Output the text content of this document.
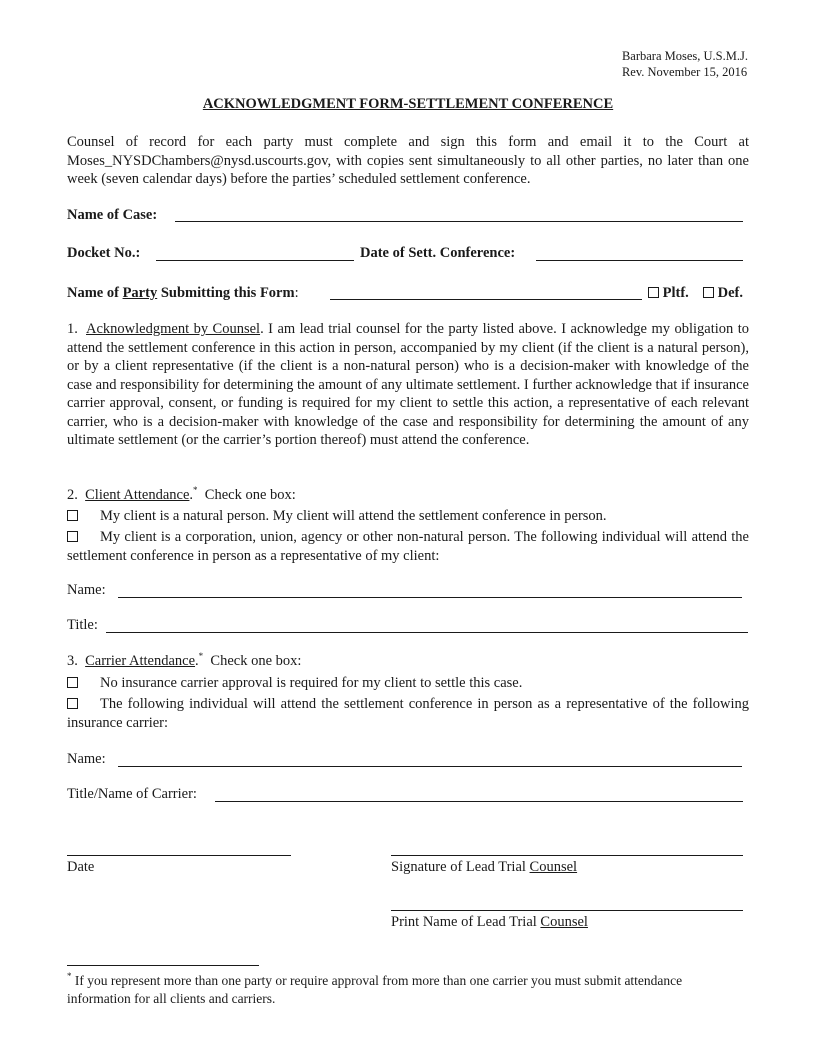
Barbara Moses, U.S.M.J.
Rev. November 15, 2016
ACKNOWLEDGMENT FORM-SETTLEMENT CONFERENCE
Counsel of record for each party must complete and sign this form and email it to the Court at Moses_NYSDChambers@nysd.uscourts.gov, with copies sent simultaneously to all other parties, no later than one week (seven calendar days) before the parties’ scheduled settlement conference.
Name of Case:
Docket No.:	Date of Sett. Conference:
Name of Party Submitting this Form:	Pltf.	Def.
1. Acknowledgment by Counsel. I am lead trial counsel for the party listed above. I acknowledge my obligation to attend the settlement conference in this action in person, accompanied by my client (if the client is a natural person), or by a client representative (if the client is a non-natural person) who is a decision-maker with knowledge of the case and responsibility for determining the amount of any ultimate settlement. I further acknowledge that if insurance carrier approval, consent, or funding is required for my client to settle this action, a representative of each relevant carrier, who is a decision-maker with knowledge of the case and responsibility for determining the amount of any ultimate settlement (or the carrier’s portion thereof) must attend the conference.
2. Client Attendance.* Check one box:
My client is a natural person. My client will attend the settlement conference in person.
My client is a corporation, union, agency or other non-natural person. The following individual will attend the settlement conference in person as a representative of my client:
Name:
Title:
3. Carrier Attendance.* Check one box:
No insurance carrier approval is required for my client to settle this case.
The following individual will attend the settlement conference in person as a representative of the following insurance carrier:
Name:
Title/Name of Carrier:
Date	Signature of Lead Trial Counsel
Print Name of Lead Trial Counsel
* If you represent more than one party or require approval from more than one carrier you must submit attendance information for all clients and carriers.
